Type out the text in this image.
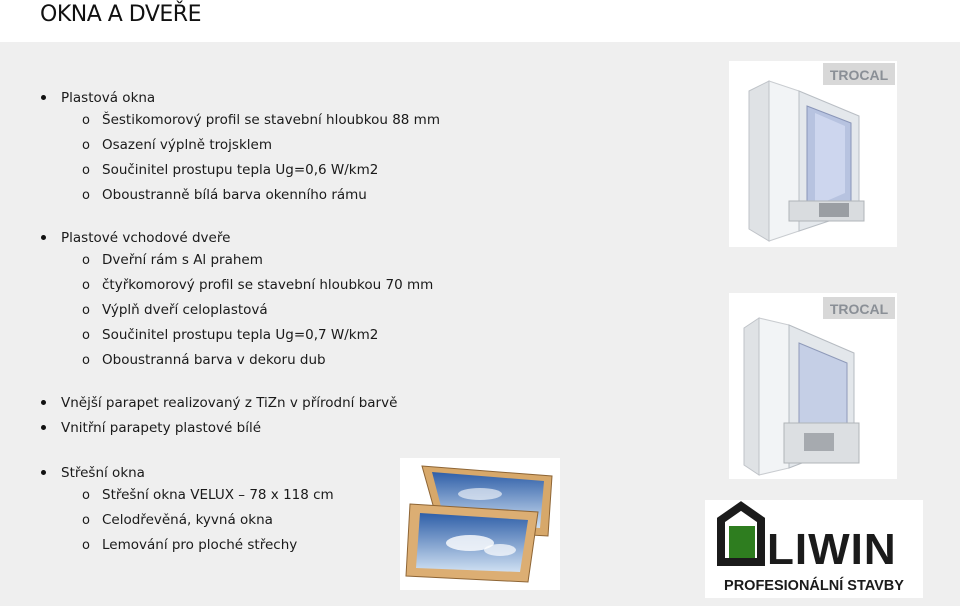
OKNA A DVEŘE
Plastová okna
o Šestikomorový profil se stavební hloubkou 88 mm
o Osazení výplně trojsklem
o Součinitel prostupu tepla Ug=0,6 W/km2
o Oboustranně bílá barva okenního rámu
Plastové vchodové dveře
o Dveřní rám s Al prahem
o čtyřkomorový profil se stavební hloubkou 70 mm
o Výplň dveří celoplastová
o Součinitel prostupu tepla Ug=0,7 W/km2
o Oboustranná barva v dekoru dub
Vnější parapet realizovaný z TiZn v přírodní barvě
Vnitřní parapety plastové bílé
Střešní okna
o Střešní okna VELUX – 78 x 118 cm
o Celodřevěná, kyvná okna
o Lemování pro ploché střechy
TROCAL
TROCAL
LIWIN
PROFESIONÁLNÍ STAVBY
